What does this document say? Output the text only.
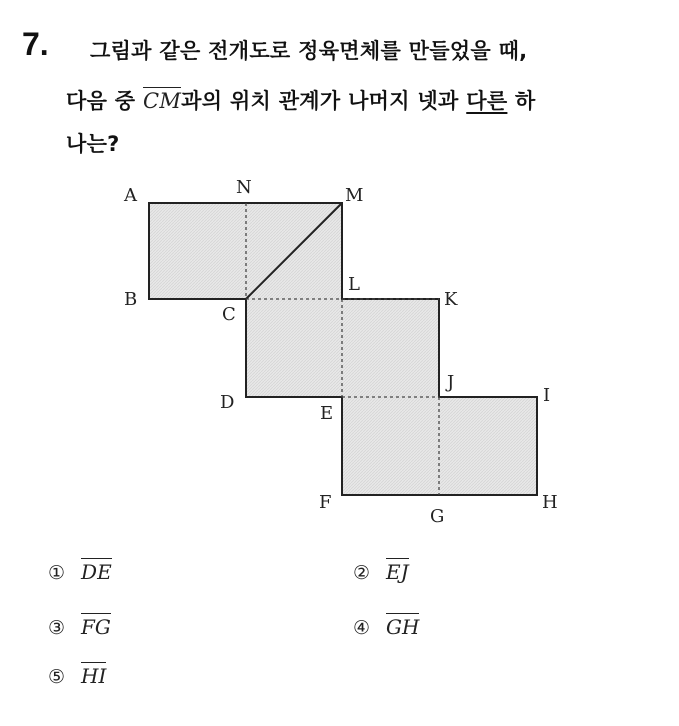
7. 그림과 같은 전개도로 정육면체를 만들었을 때,
다음 중 CM과의 위치 관계가 나머지 넷과 다른 하
나는?
A	N	M
B
C
L
K
D
E
J
I
F
G
H
① DE	② EJ
③ FG	④ GH
⑤ HI
